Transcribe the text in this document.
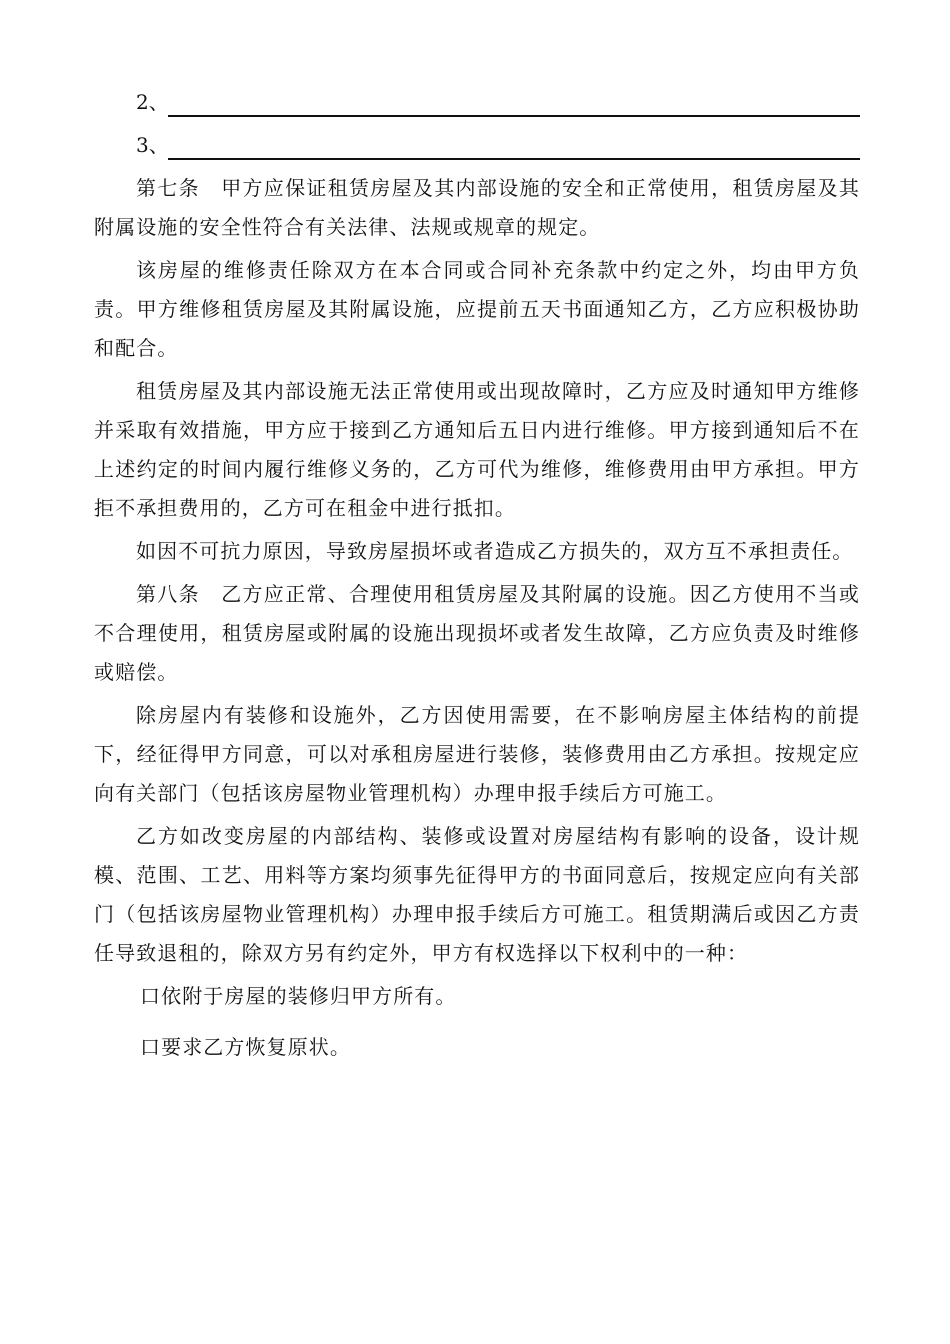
2、
3、

第七条　甲方应保证租赁房屋及其内部设施的安全和正常使用，租赁房屋及其附属设施的安全性符合有关法律、法规或规章的规定。

该房屋的维修责任除双方在本合同或合同补充条款中约定之外，均由甲方负责。甲方维修租赁房屋及其附属设施，应提前五天书面通知乙方，乙方应积极协助和配合。

租赁房屋及其内部设施无法正常使用或出现故障时，乙方应及时通知甲方维修并采取有效措施，甲方应于接到乙方通知后五日内进行维修。甲方接到通知后不在上述约定的时间内履行维修义务的，乙方可代为维修，维修费用由甲方承担。甲方拒不承担费用的，乙方可在租金中进行抵扣。

如因不可抗力原因，导致房屋损坏或者造成乙方损失的，双方互不承担责任。

第八条　乙方应正常、合理使用租赁房屋及其附属的设施。因乙方使用不当或不合理使用，租赁房屋或附属的设施出现损坏或者发生故障，乙方应负责及时维修或赔偿。

除房屋内有装修和设施外，乙方因使用需要，在不影响房屋主体结构的前提下，经征得甲方同意，可以对承租房屋进行装修，装修费用由乙方承担。按规定应向有关部门（包括该房屋物业管理机构）办理申报手续后方可施工。

乙方如改变房屋的内部结构、装修或设置对房屋结构有影响的设备，设计规模、范围、工艺、用料等方案均须事先征得甲方的书面同意后，按规定应向有关部门（包括该房屋物业管理机构）办理申报手续后方可施工。租赁期满后或因乙方责任导致退租的，除双方另有约定外，甲方有权选择以下权利中的一种：

口依附于房屋的装修归甲方所有。

口要求乙方恢复原状。
